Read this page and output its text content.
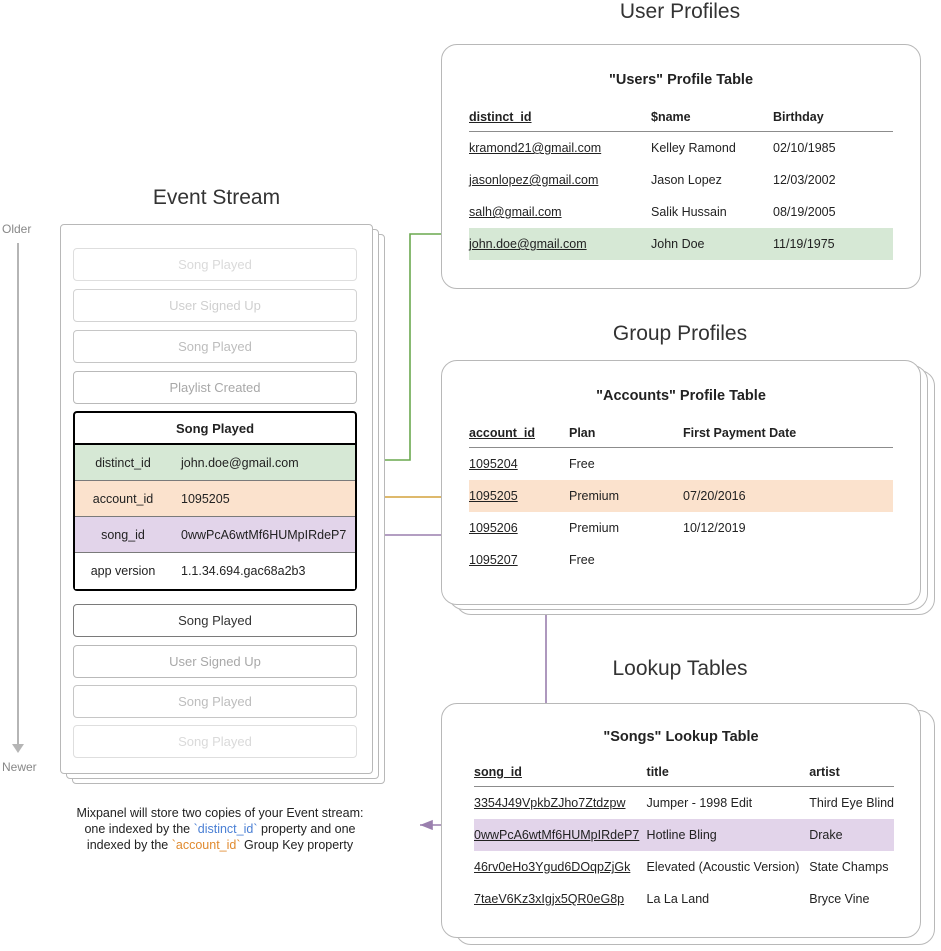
Older
Newer
Event Stream
Song Played
User Signed Up
Song Played
Playlist Created
Song Played
distinct_id	john.doe@gmail.com
account_id	1095205
song_id	0wwPcA6wtMf6HUMpIRdeP7
app version	1.1.34.694.gac68a2b3
Song Played
User Signed Up
Song Played
Song Played
Mixpanel will store two copies of your Event stream:
one indexed by the `distinct_id` property and one
indexed by the `account_id` Group Key property
User Profiles
"Users" Profile Table
distinct_id	$name	Birthday
kramond21@gmail.com	Kelley Ramond	02/10/1985
jasonlopez@gmail.com	Jason Lopez	12/03/2002
salh@gmail.com	Salik Hussain	08/19/2005
john.doe@gmail.com	John Doe	11/19/1975
Group Profiles
"Accounts" Profile Table
account_id	Plan	First Payment Date
1095204	Free	
1095205	Premium	07/20/2016
1095206	Premium	10/12/2019
1095207	Free	
Lookup Tables
"Songs" Lookup Table
song_id	title	artist
3354J49VpkbZJho7Ztdzpw	Jumper - 1998 Edit	Third Eye Blind
0wwPcA6wtMf6HUMpIRdeP7	Hotline Bling	Drake
46rv0eHo3Ygud6DOqpZjGk	Elevated (Acoustic Version)	State Champs
7taeV6Kz3xIgjx5QR0eG8p	La La Land	Bryce Vine
